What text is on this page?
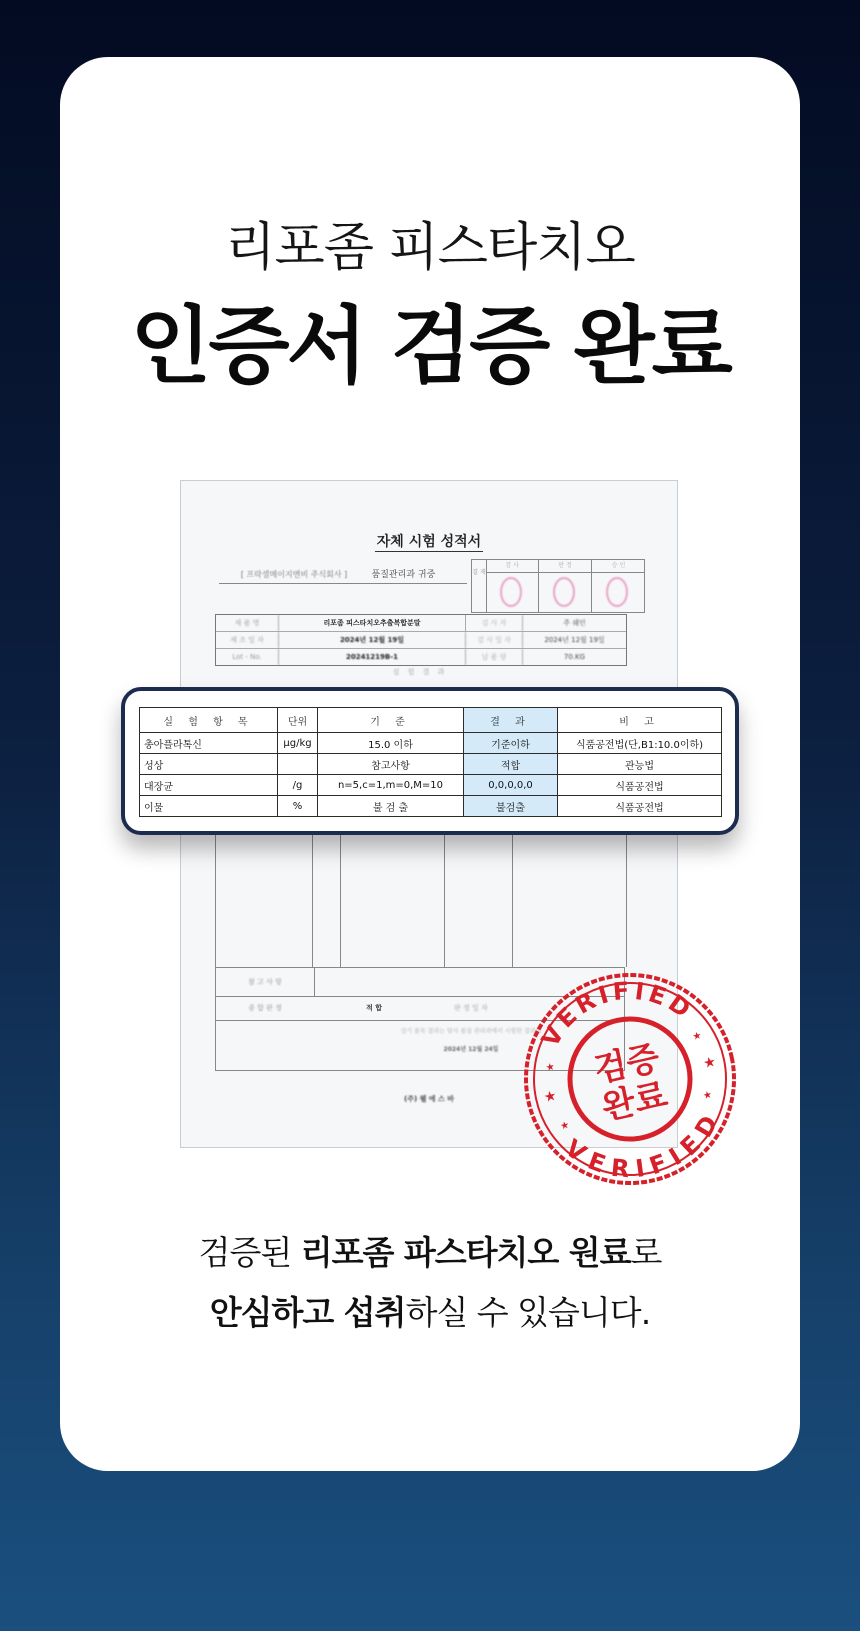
리포좀 피스타치오
인증서 검증 완료
자체 시험 성적서
[ 프락셀메이지멘비 주식회사 ]	품질관리과 귀중	결 재
검 사	판 정	승 인
제 품 명	리포좀 피스타치오추출복합분말	검 사 자	주 쉐인
제 조 일 자	2024년 12월 19일	검 사 일 자	2024년 12월 19일
Lot - No.	20241219B-1	납 품 량	70.KG
실 험 결 과
참 고 사 항
종 합 판 정	적 합	판 정 일 자
상기 품목 결과는 당사 품질 관리과에서 시험한 결과임
2024년 12월 24일
(주) 웰 에 스 바
실 험 항 목	단위	기 준	결 과	비 고
총아플라톡신	μg/kg	15.0 이하	기준이하	식품공전법(단,B1:10.0이하)
성상		참고사항	적합	관능법
대장균	/g	n=5,c=1,m=0,M=10	0,0,0,0,0	식품공전법
이물	%	불 검 출	불검출	식품공전법
VERIFIED
VERIFIED
★
★
★
★
★
★
검증
완료
검증된 리포좀 파스타치오 원료로
안심하고 섭취하실 수 있습니다.
